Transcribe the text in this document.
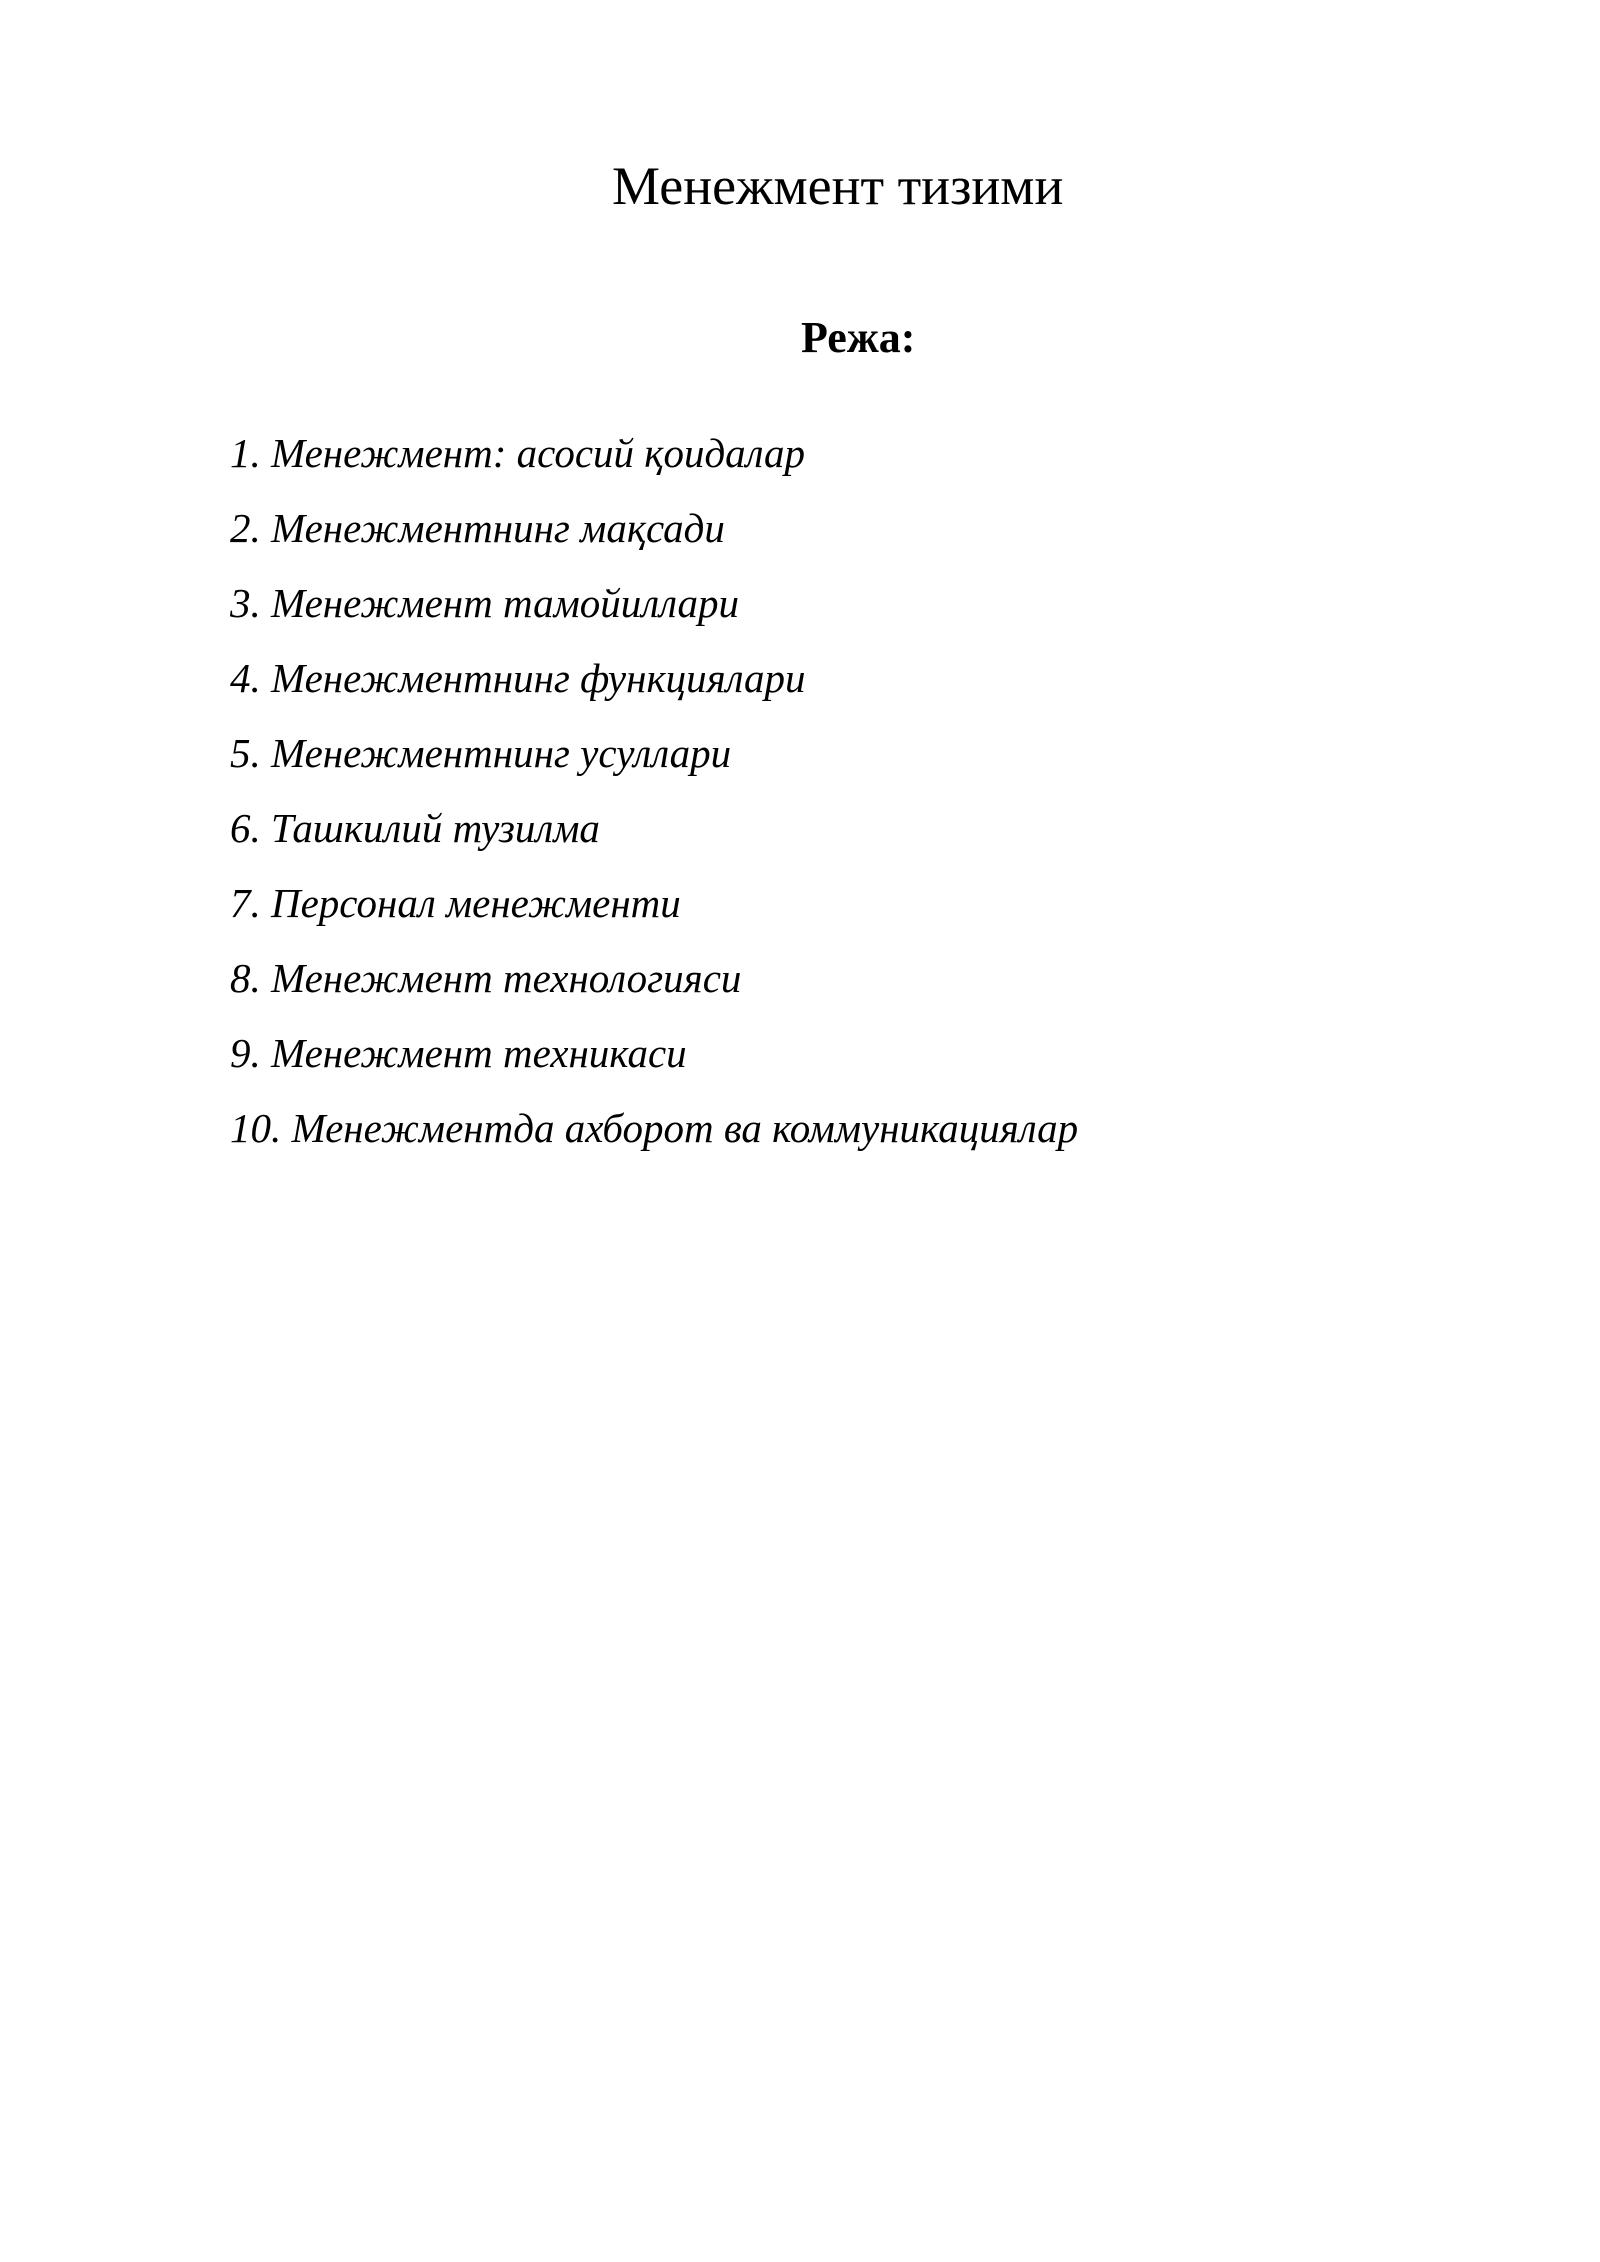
Менежмент тизими
Режа:
1. Менежмент: асосий қоидалар
2. Менежментнинг мақсади
3. Менежмент тамойиллари
4. Менежментнинг функциялари
5. Менежментнинг усуллари
6. Ташкилий тузилма
7. Персонал менежменти
8. Менежмент технологияси
9. Менежмент техникаси
10. Менежментда ахборот ва коммуникациялар
